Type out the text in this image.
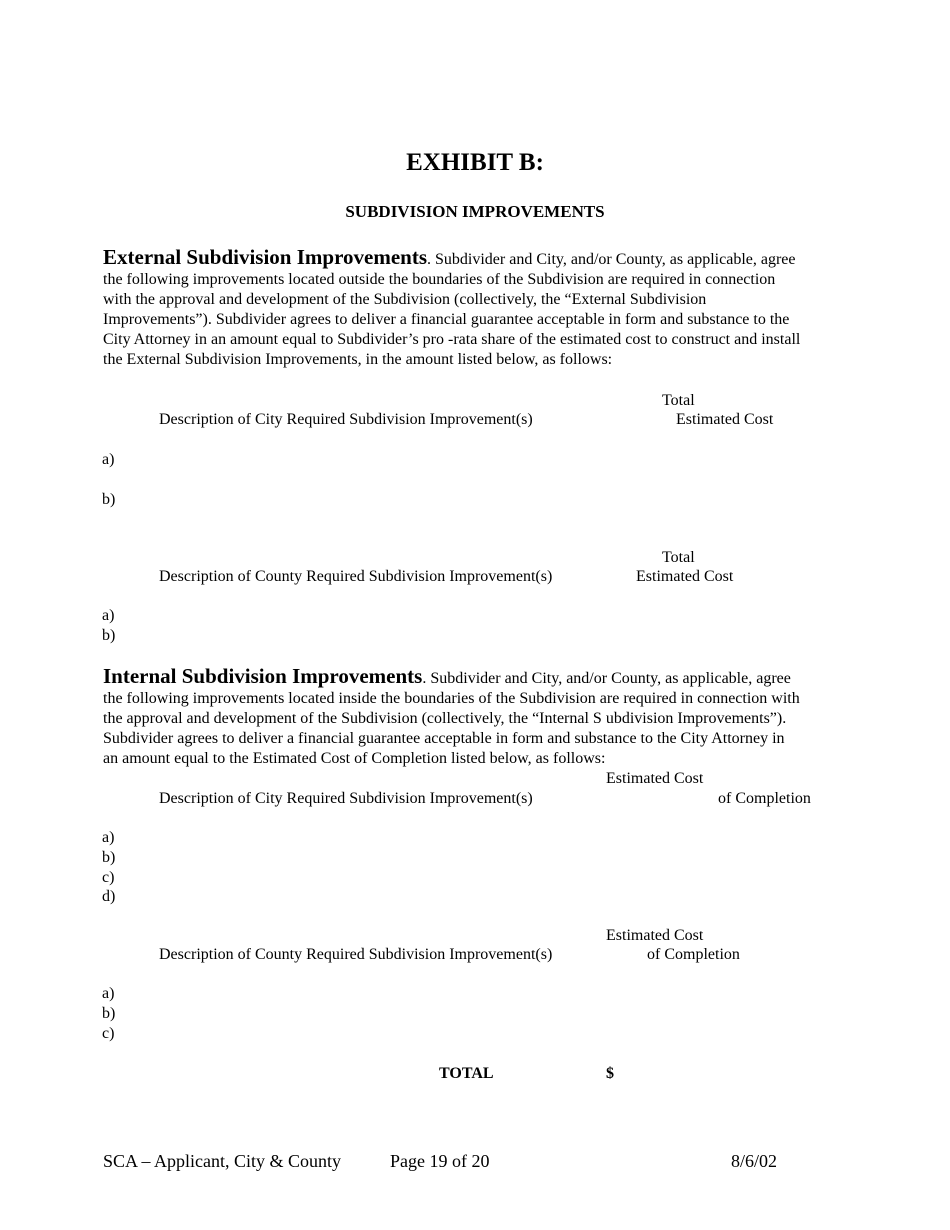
EXHIBIT B:
SUBDIVISION IMPROVEMENTS
External Subdivision Improvements. Subdivider and City, and/or County, as applicable, agree
the following improvements located outside the boundaries of the Subdivision are required in connection
with the approval and development of the Subdivision (collectively, the “External Subdivision
Improvements”). Subdivider agrees to deliver a financial guarantee acceptable in form and substance to the
City Attorney in an amount equal to Subdivider’s pro -rata share of the estimated cost to construct and install
the External Subdivision Improvements, in the amount listed below, as follows:
Total
Description of City Required Subdivision Improvement(s)	Estimated Cost
a)
b)
Total
Description of County Required Subdivision Improvement(s)	Estimated Cost
a)
b)
Internal Subdivision Improvements. Subdivider and City, and/or County, as applicable, agree
the following improvements located inside the boundaries of the Subdivision are required in connection with
the approval and development of the Subdivision (collectively, the “Internal S ubdivision Improvements”).
Subdivider agrees to deliver a financial guarantee acceptable in form and substance to the City Attorney in
an amount equal to the Estimated Cost of Completion listed below, as follows:
Estimated Cost
Description of City Required Subdivision Improvement(s)	of Completion
a)
b)
c)
d)
Estimated Cost
Description of County Required Subdivision Improvement(s)	of Completion
a)
b)
c)
TOTAL	$
SCA – Applicant, City & County	Page 19 of 20	8/6/02
